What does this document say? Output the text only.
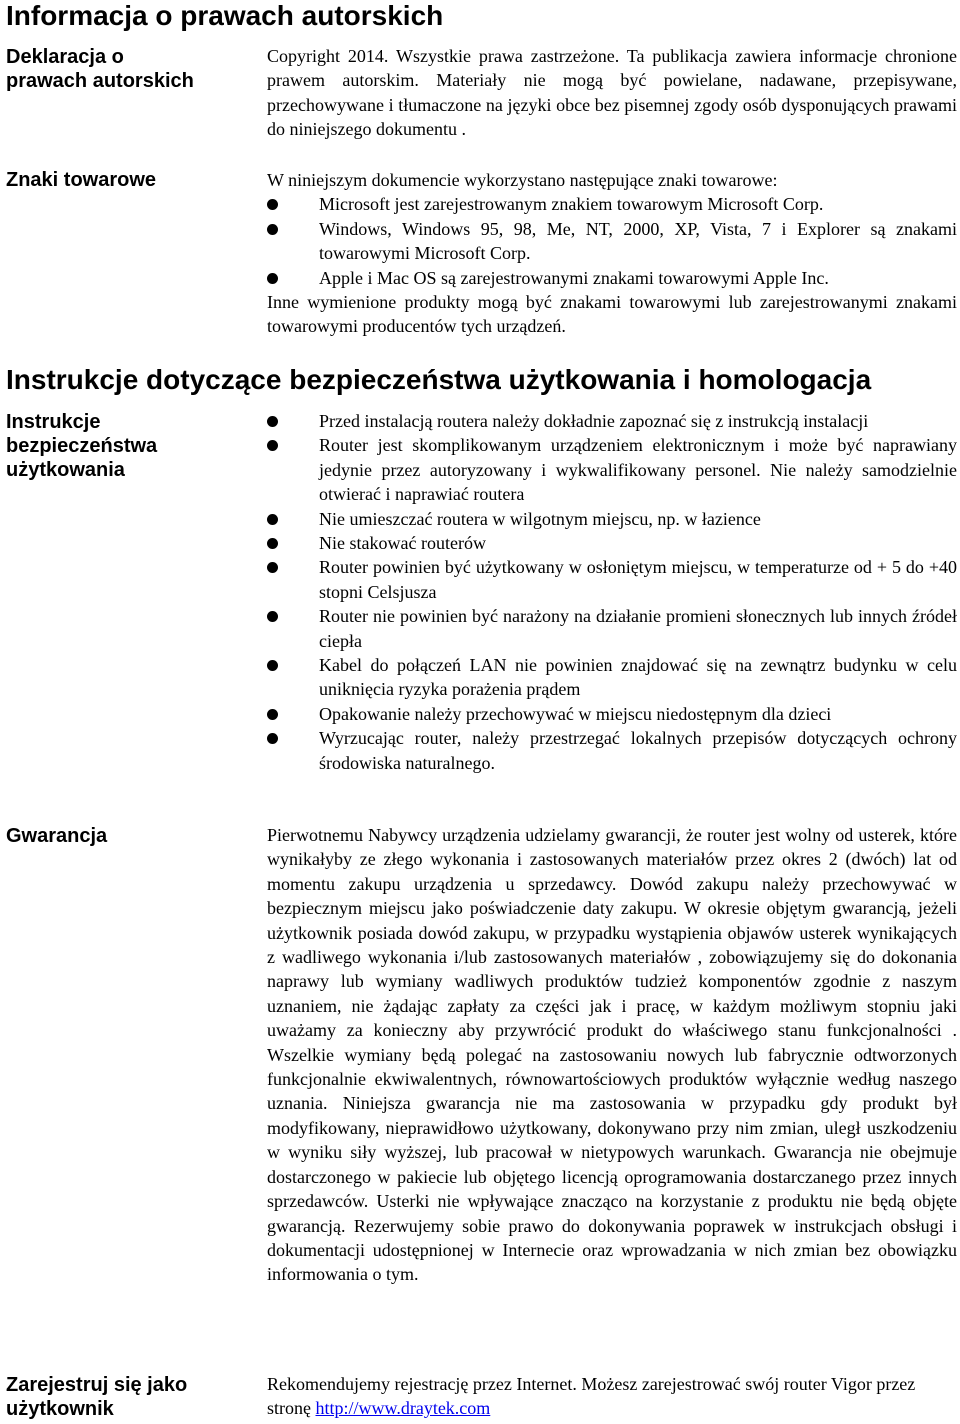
Informacja o prawach autorskich
Deklaracja o prawach autorskich

Copyright 2014. Wszystkie prawa zastrzeżone. Ta publikacja zawiera informacje chronione prawem autorskim. Materiały nie mogą być powielane, nadawane, przepisywane, przechowywane i tłumaczone na języki obce bez pisemnej zgody osób dysponujących prawami do niniejszego dokumentu .

Znaki towarowe	W niniejszym dokumencie wykorzystano następujące znaki towarowe:

Microsoft jest zarejestrowanym znakiem towarowym Microsoft Corp.
Windows, Windows 95, 98, Me, NT, 2000, XP, Vista, 7 i Explorer są znakami towarowymi Microsoft Corp.
Apple i Mac OS są zarejestrowanymi znakami towarowymi Apple Inc.

Inne wymienione produkty mogą być znakami towarowymi lub zarejestrowanymi znakami towarowymi producentów tych urządzeń.

Instrukcje dotyczące bezpieczeństwa użytkowania i homologacja
Instrukcje bezpieczeństwa użytkowania
Przed instalacją routera należy dokładnie zapoznać się z instrukcją instalacji
Router jest skomplikowanym urządzeniem elektronicznym i może być naprawiany jedynie przez autoryzowany i wykwalifikowany personel. Nie należy samodzielnie otwierać i naprawiać routera
Nie umieszczać routera w wilgotnym miejscu, np. w łazience
Nie stakować routerów
Router powinien być użytkowany w osłoniętym miejscu, w temperaturze od + 5 do +40 stopni Celsjusza
Router nie powinien być narażony na działanie promieni słonecznych lub innych źródeł ciepła
Kabel do połączeń LAN nie powinien znajdować się na zewnątrz budynku w celu uniknięcia ryzyka porażenia prądem
Opakowanie należy przechowywać w miejscu niedostępnym dla dzieci
Wyrzucając router, należy przestrzegać lokalnych przepisów dotyczących ochrony środowiska naturalnego.
Gwarancja	Pierwotnemu Nabywcy urządzenia udzielamy gwarancji, że router jest wolny od usterek, które wynikałyby ze złego wykonania i zastosowanych materiałów przez okres 2 (dwóch) lat od momentu zakupu urządzenia u sprzedawcy. Dowód zakupu należy przechowywać w bezpiecznym miejscu jako poświadczenie daty zakupu. W okresie objętym gwarancją, jeżeli użytkownik posiada dowód zakupu, w przypadku wystąpienia objawów usterek wynikających z wadliwego wykonania i/lub zastosowanych materiałów , zobowiązujemy się do dokonania naprawy lub wymiany wadliwych produktów tudzież komponentów zgodnie z naszym uznaniem, nie żądając zapłaty za części jak i pracę, w każdym możliwym stopniu jaki uważamy za konieczny aby przywrócić produkt do właściwego stanu funkcjonalności . Wszelkie wymiany będą polegać na zastosowaniu nowych lub fabrycznie odtworzonych funkcjonalnie ekwiwalentnych, równowartościowych produktów wyłącznie według naszego uznania. Niniejsza gwarancja nie ma zastosowania w przypadku gdy produkt był modyfikowany, nieprawidłowo użytkowany, dokonywano przy nim zmian, uległ uszkodzeniu w wyniku siły wyższej, lub pracował w nietypowych warunkach. Gwarancja nie obejmuje dostarczonego w pakiecie lub objętego licencją oprogramowania dostarczanego przez innych sprzedawców. Usterki nie wpływające znacząco na korzystanie z produktu nie będą objęte gwarancją. Rezerwujemy sobie prawo do dokonywania poprawek w instrukcjach obsługi i dokumentacji udostępnionej w Internecie oraz wprowadzania w nich zmian bez obowiązku informowania o tym.

Zarejestruj się jako użytkownik

Rekomendujemy rejestrację przez Internet. Możesz zarejestrować swój router Vigor przez stronę http://www.draytek.com
